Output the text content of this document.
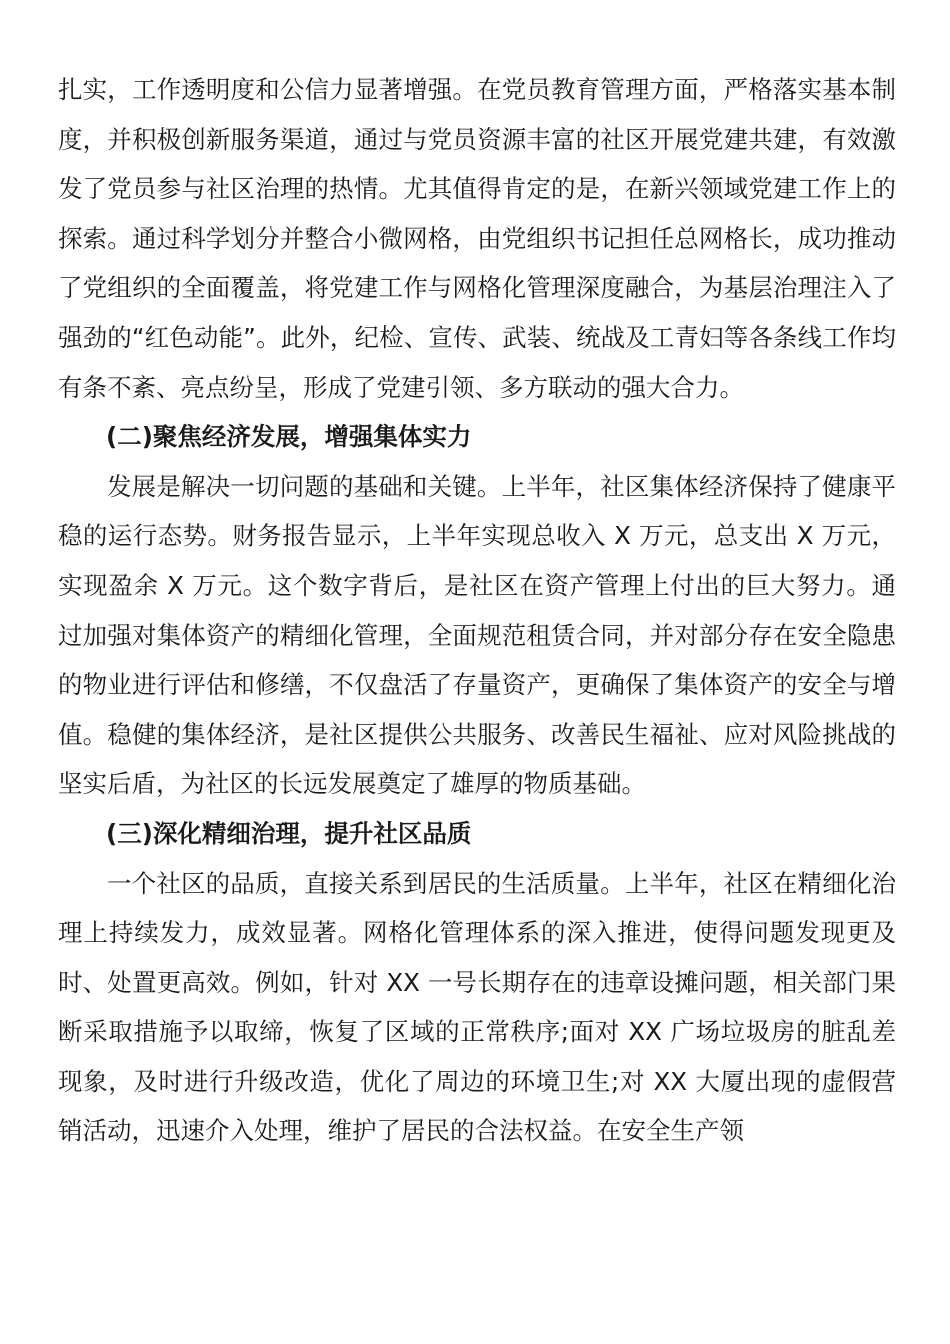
扎实，工作透明度和公信力显著增强。在党员教育管理方面，严格落实基本制度，并积极创新服务渠道，通过与党员资源丰富的社区开展党建共建，有效激发了党员参与社区治理的热情。尤其值得肯定的是，在新兴领域党建工作上的探索。通过科学划分并整合小微网格，由党组织书记担任总网格长，成功推动了党组织的全面覆盖，将党建工作与网格化管理深度融合，为基层治理注入了强劲的“红色动能”。此外，纪检、宣传、武装、统战及工青妇等各条线工作均有条不紊、亮点纷呈，形成了党建引领、多方联动的强大合力。

(二)聚焦经济发展，增强集体实力

发展是解决一切问题的基础和关键。上半年，社区集体经济保持了健康平稳的运行态势。财务报告显示，上半年实现总收入 X 万元，总支出 X 万元，实现盈余 X 万元。这个数字背后，是社区在资产管理上付出的巨大努力。通过加强对集体资产的精细化管理，全面规范租赁合同，并对部分存在安全隐患的物业进行评估和修缮，不仅盘活了存量资产，更确保了集体资产的安全与增值。稳健的集体经济，是社区提供公共服务、改善民生福祉、应对风险挑战的坚实后盾，为社区的长远发展奠定了雄厚的物质基础。

(三)深化精细治理，提升社区品质

一个社区的品质，直接关系到居民的生活质量。上半年，社区在精细化治理上持续发力，成效显著。网格化管理体系的深入推进，使得问题发现更及时、处置更高效。例如，针对 XX 一号长期存在的违章设摊问题，相关部门果断采取措施予以取缔，恢复了区域的正常秩序;面对 XX 广场垃圾房的脏乱差现象，及时进行升级改造，优化了周边的环境卫生;对 XX 大厦出现的虚假营销活动，迅速介入处理，维护了居民的合法权益。在安全生产领
